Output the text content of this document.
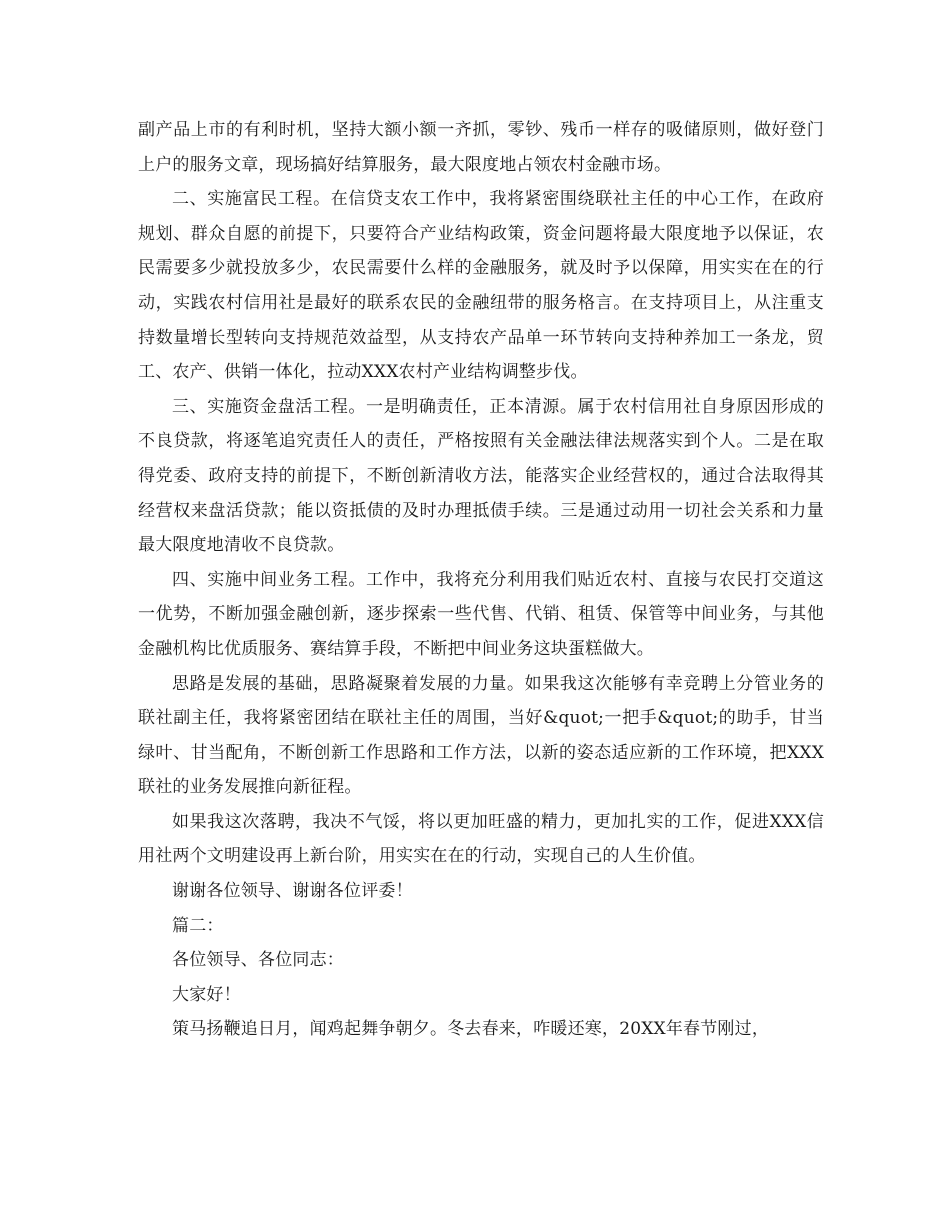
副产品上市的有利时机，坚持大额小额一齐抓，零钞、残币一样存的吸储原则，做好登门上户的服务文章，现场搞好结算服务，最大限度地占领农村金融市场。

二、实施富民工程。在信贷支农工作中，我将紧密围绕联社主任的中心工作，在政府规划、群众自愿的前提下，只要符合产业结构政策，资金问题将最大限度地予以保证，农民需要多少就投放多少，农民需要什么样的金融服务，就及时予以保障，用实实在在的行动，实践农村信用社是最好的联系农民的金融纽带的服务格言。在支持项目上，从注重支持数量增长型转向支持规范效益型，从支持农产品单一环节转向支持种养加工一条龙，贸工、农产、供销一体化，拉动XXX农村产业结构调整步伐。

三、实施资金盘活工程。一是明确责任，正本清源。属于农村信用社自身原因形成的不良贷款，将逐笔追究责任人的责任，严格按照有关金融法律法规落实到个人。二是在取得党委、政府支持的前提下，不断创新清收方法，能落实企业经营权的，通过合法取得其经营权来盘活贷款；能以资抵债的及时办理抵债手续。三是通过动用一切社会关系和力量最大限度地清收不良贷款。

四、实施中间业务工程。工作中，我将充分利用我们贴近农村、直接与农民打交道这一优势，不断加强金融创新，逐步探索一些代售、代销、租赁、保管等中间业务，与其他金融机构比优质服务、赛结算手段，不断把中间业务这块蛋糕做大。

思路是发展的基础，思路凝聚着发展的力量。如果我这次能够有幸竞聘上分管业务的联社副主任，我将紧密团结在联社主任的周围，当好&quot;一把手&quot;的助手，甘当绿叶、甘当配角，不断创新工作思路和工作方法，以新的姿态适应新的工作环境，把XXX联社的业务发展推向新征程。

如果我这次落聘，我决不气馁，将以更加旺盛的精力，更加扎实的工作，促进XXX信用社两个文明建设再上新台阶，用实实在在的行动，实现自己的人生价值。

谢谢各位领导、谢谢各位评委！

篇二：

各位领导、各位同志：

大家好！

策马扬鞭追日月，闻鸡起舞争朝夕。冬去春来，咋暖还寒，20XX年春节刚过，
